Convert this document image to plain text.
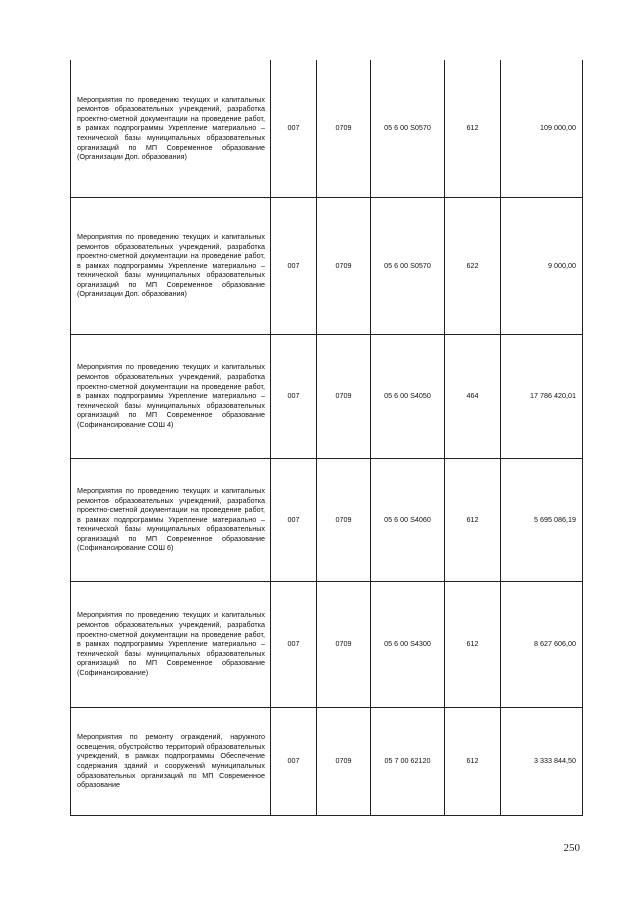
Мероприятия по проведению текущих и капитальных ремонтов образовательных учреждений, разработка проектно-сметной документации на проведение работ, в рамках подпрограммы Укрепление материально – технической базы муниципальных образовательных организаций по МП Современное образование (Организации Доп. образования)	007	0709	05 6 00 S0570	612	109 000,00
Мероприятия по проведению текущих и капитальных ремонтов образовательных учреждений, разработка проектно-сметной документации на проведение работ, в рамках подпрограммы Укрепление материально – технической базы муниципальных образовательных организаций по МП Современное образование (Организации Доп. образования)	007	0709	05 6 00 S0570	622	9 000,00
Мероприятия по проведению текущих и капитальных ремонтов образовательных учреждений, разработка проектно-сметной документации на проведение работ, в рамках подпрограммы Укрепление материально – технической базы муниципальных образовательных организаций по МП Современное образование (Софинансирование СОШ 4)	007	0709	05 6 00 S4050	464	17 786 420,01
Мероприятия по проведению текущих и капитальных ремонтов образовательных учреждений, разработка проектно-сметной документации на проведение работ, в рамках подпрограммы Укрепление материально – технической базы муниципальных образовательных организаций по МП Современное образование (Софинансирование СОШ 6)	007	0709	05 6 00 S4060	612	5 695 086,19
Мероприятия по проведению текущих и капитальных ремонтов образовательных учреждений, разработка проектно-сметной документации на проведение работ, в рамках подпрограммы Укрепление материально – технической базы муниципальных образовательных организаций по МП Современное образование (Софинансирование)	007	0709	05 6 00 S4300	612	8 627 606,00
Мероприятия по ремонту ограждений, наружного освещения, обустройство территорий образовательных учреждений, в рамках подпрограммы Обеспечение содержания зданий и сооружений муниципальных образовательных организаций по МП Современное образование	007	0709	05 7 00 62120	612	3 333 844,50
250
